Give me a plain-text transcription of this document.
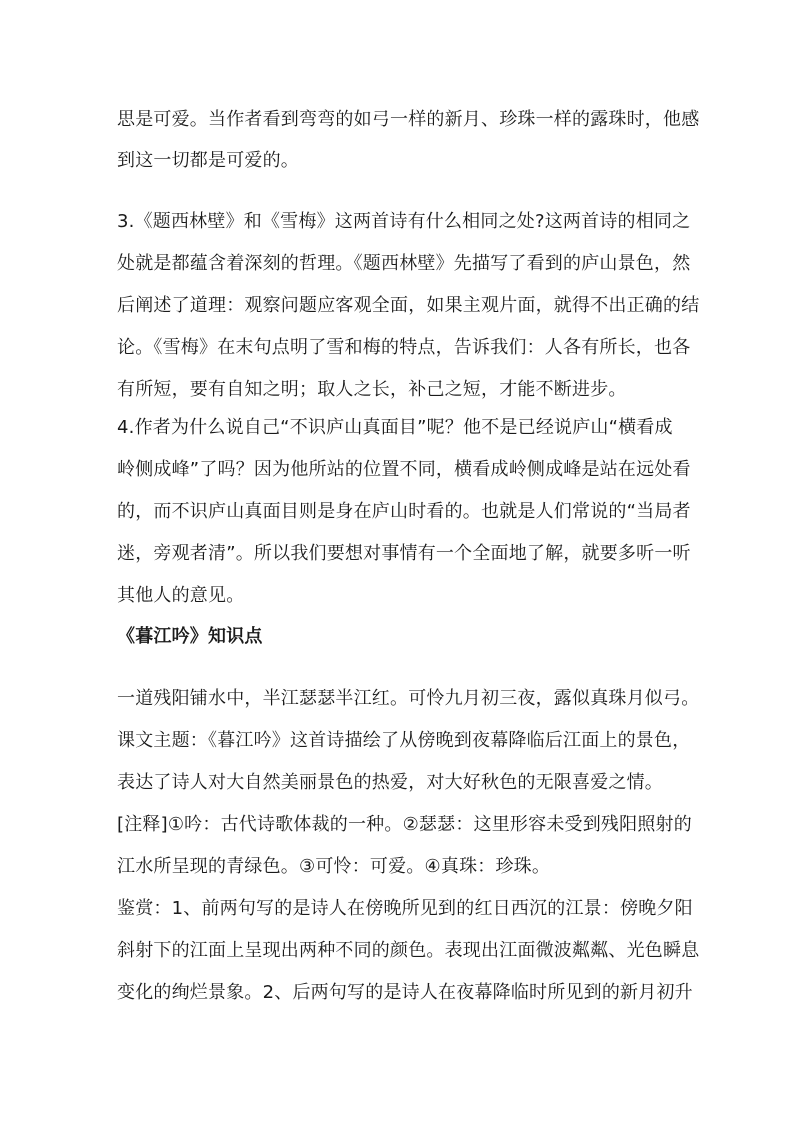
思是可爱。当作者看到弯弯的如弓一样的新月、珍珠一样的露珠时，他感
到这一切都是可爱的。
3.《题西林壁》和《雪梅》这两首诗有什么相同之处?这两首诗的相同之
处就是都蕴含着深刻的哲理。《题西林壁》先描写了看到的庐山景色，然
后阐述了道理：观察问题应客观全面，如果主观片面，就得不出正确的结
论。《雪梅》在末句点明了雪和梅的特点，告诉我们：人各有所长，也各
有所短，要有自知之明；取人之长，补己之短，才能不断进步。
4.作者为什么说自己“不识庐山真面目”呢？他不是已经说庐山“横看成
岭侧成峰”了吗？因为他所站的位置不同，横看成岭侧成峰是站在远处看
的，而不识庐山真面目则是身在庐山时看的。也就是人们常说的“当局者
迷，旁观者清”。所以我们要想对事情有一个全面地了解，就要多听一听
其他人的意见。
《暮江吟》知识点
一道残阳铺水中，半江瑟瑟半江红。可怜九月初三夜，露似真珠月似弓。
课文主题：《暮江吟》这首诗描绘了从傍晚到夜幕降临后江面上的景色，
表达了诗人对大自然美丽景色的热爱，对大好秋色的无限喜爱之情。
[注释]①吟：古代诗歌体裁的一种。②瑟瑟：这里形容未受到残阳照射的
江水所呈现的青绿色。③可怜：可爱。④真珠：珍珠。
鉴赏：1、前两句写的是诗人在傍晚所见到的红日西沉的江景：傍晚夕阳
斜射下的江面上呈现出两种不同的颜色。表现出江面微波粼粼、光色瞬息
变化的绚烂景象。2、后两句写的是诗人在夜幕降临时所见到的新月初升
